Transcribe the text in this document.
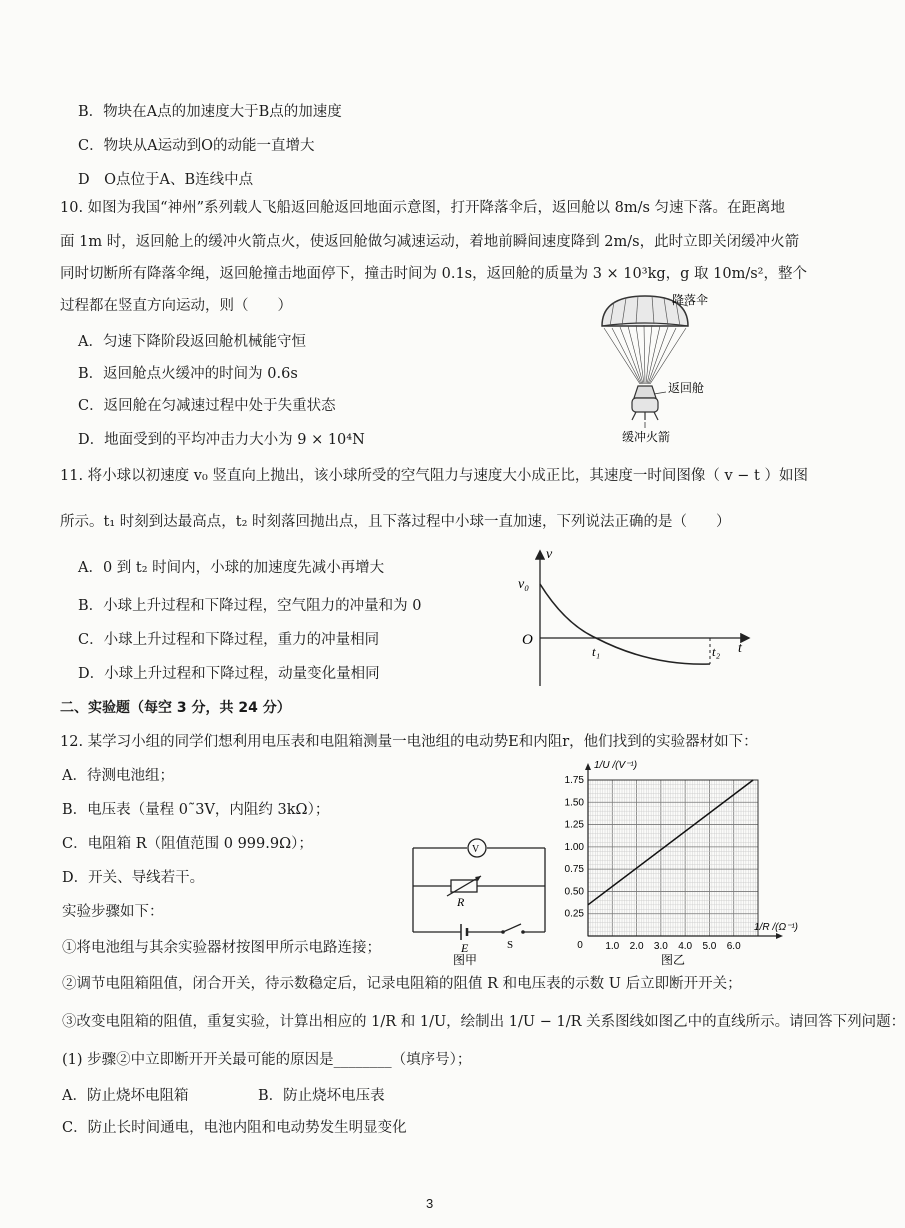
B．物块在A点的加速度大于B点的加速度
C．物块从A运动到O的动能一直增大
D　O点位于A、B连线中点
10. 如图为我国“神州”系列载人飞船返回舱返回地面示意图，打开降落伞后，返回舱以 8m/s 匀速下落。在距离地
面 1m 时，返回舱上的缓冲火箭点火，使返回舱做匀减速运动，着地前瞬间速度降到 2m/s，此时立即关闭缓冲火箭
同时切断所有降落伞绳，返回舱撞击地面停下，撞击时间为 0.1s，返回舱的质量为 3 × 10³kg，g 取 10m/s²，整个
过程都在竖直方向运动，则（　　）
A．匀速下降阶段返回舱机械能守恒
B．返回舱点火缓冲的时间为 0.6s
C．返回舱在匀减速过程中处于失重状态
D．地面受到的平均冲击力大小为 9 × 10⁴N
降落伞
返回舱
缓冲火箭
11. 将小球以初速度 v₀ 竖直向上抛出，该小球所受的空气阻力与速度大小成正比，其速度一时间图像（ v − t ）如图
所示。t₁ 时刻到达最高点，t₂ 时刻落回抛出点，且下落过程中小球一直加速，下列说法正确的是（　　）
A．0 到 t₂ 时间内，小球的加速度先减小再增大
B．小球上升过程和下降过程，空气阻力的冲量和为 0
C．小球上升过程和下降过程，重力的冲量相同
D．小球上升过程和下降过程，动量变化量相同
v
v₀
O
t
t₁	t₂
二、实验题（每空 3 分，共 24 分）
12. 某学习小组的同学们想利用电压表和电阻箱测量一电池组的电动势E和内阻r，他们找到的实验器材如下：
A．待测电池组；
B．电压表（量程 0˜3V，内阻约 3kΩ）；
C．电阻箱 R（阻值范围 0 999.9Ω）；
D．开关、导线若干。
实验步骤如下：
①将电池组与其余实验器材按图甲所示电路连接；
②调节电阻箱阻值，闭合开关，待示数稳定后，记录电阻箱的阻值 R 和电压表的示数 U 后立即断开开关；
③改变电阻箱的阻值，重复实验，计算出相应的 1/R 和 1/U，绘制出 1/U − 1/R 关系图线如图乙中的直线所示。请回答下列问题：
(1) 步骤②中立即断开开关最可能的原因是________（填序号）；
A．防止烧坏电阻箱	B．防止烧坏电压表
C．防止长时间通电，电池内阻和电动势发生明显变化
V
R
E	S
图甲
0.25
0.50
0.75
1.00
1.25
1.50
1.75
1.0 2.0 3.0 4.0 5.0 6.0
0
1/U /(V⁻¹)
1/R /(Ω⁻¹)
图乙
3
